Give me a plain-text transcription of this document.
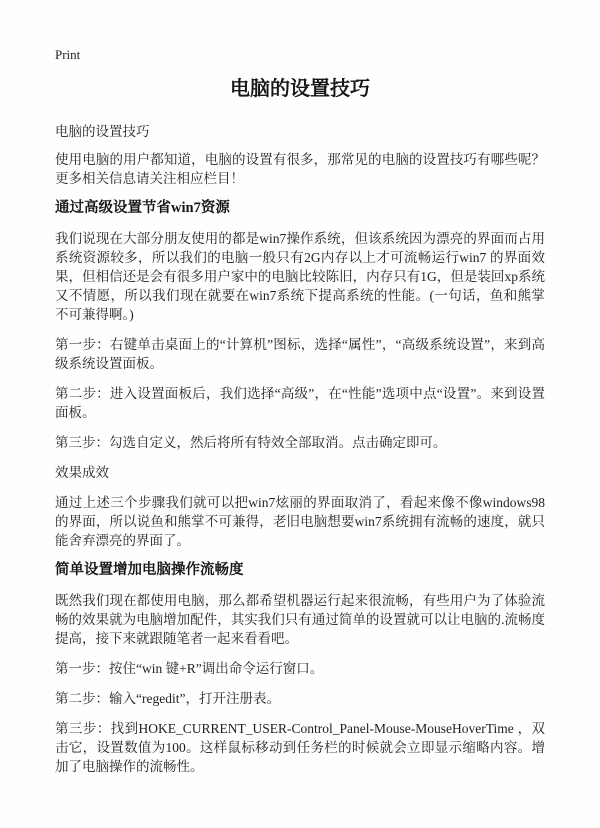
Print
电脑的设置技巧

电脑的设置技巧

使用电脑的用户都知道，电脑的设置有很多，那常见的电脑的设置技巧有哪些呢？更多相关信息请关注相应栏目！

通过高级设置节省win7资源

我们说现在大部分朋友使用的都是win7操作系统，但该系统因为漂亮的界面而占用系统资源较多，所以我们的电脑一般只有2G内存以上才可流畅运行win7 的界面效果，但相信还是会有很多用户家中的电脑比较陈旧，内存只有1G，但是装回xp系统又不情愿，所以我们现在就要在win7系统下提高系统的性能。(一句话，鱼和熊掌不可兼得啊。)

第一步：右键单击桌面上的“计算机”图标，选择“属性”，“高级系统设置”，来到高级系统设置面板。

第二步：进入设置面板后，我们选择“高级”，在“性能”选项中点“设置”。来到设置面板。

第三步：勾选自定义，然后将所有特效全部取消。点击确定即可。

效果成效

通过上述三个步骤我们就可以把win7炫丽的界面取消了，看起来像不像windows98的界面，所以说鱼和熊掌不可兼得，老旧电脑想要win7系统拥有流畅的速度，就只能舍弃漂亮的界面了。

简单设置增加电脑操作流畅度

既然我们现在都使用电脑，那么都希望机器运行起来很流畅，有些用户为了体验流畅的效果就为电脑增加配件，其实我们只有通过简单的设置就可以让电脑的.流畅度提高，接下来就跟随笔者一起来看看吧。

第一步：按住“win 键+R”调出命令运行窗口。

第二步：输入“regedit”，打开注册表。

第三步：找到HOKE_CURRENT_USER-Control_Panel-Mouse-MouseHoverTime ，双击它，设置数值为100。这样鼠标移动到任务栏的时候就会立即显示缩略内容。增加了电脑操作的流畅性。
